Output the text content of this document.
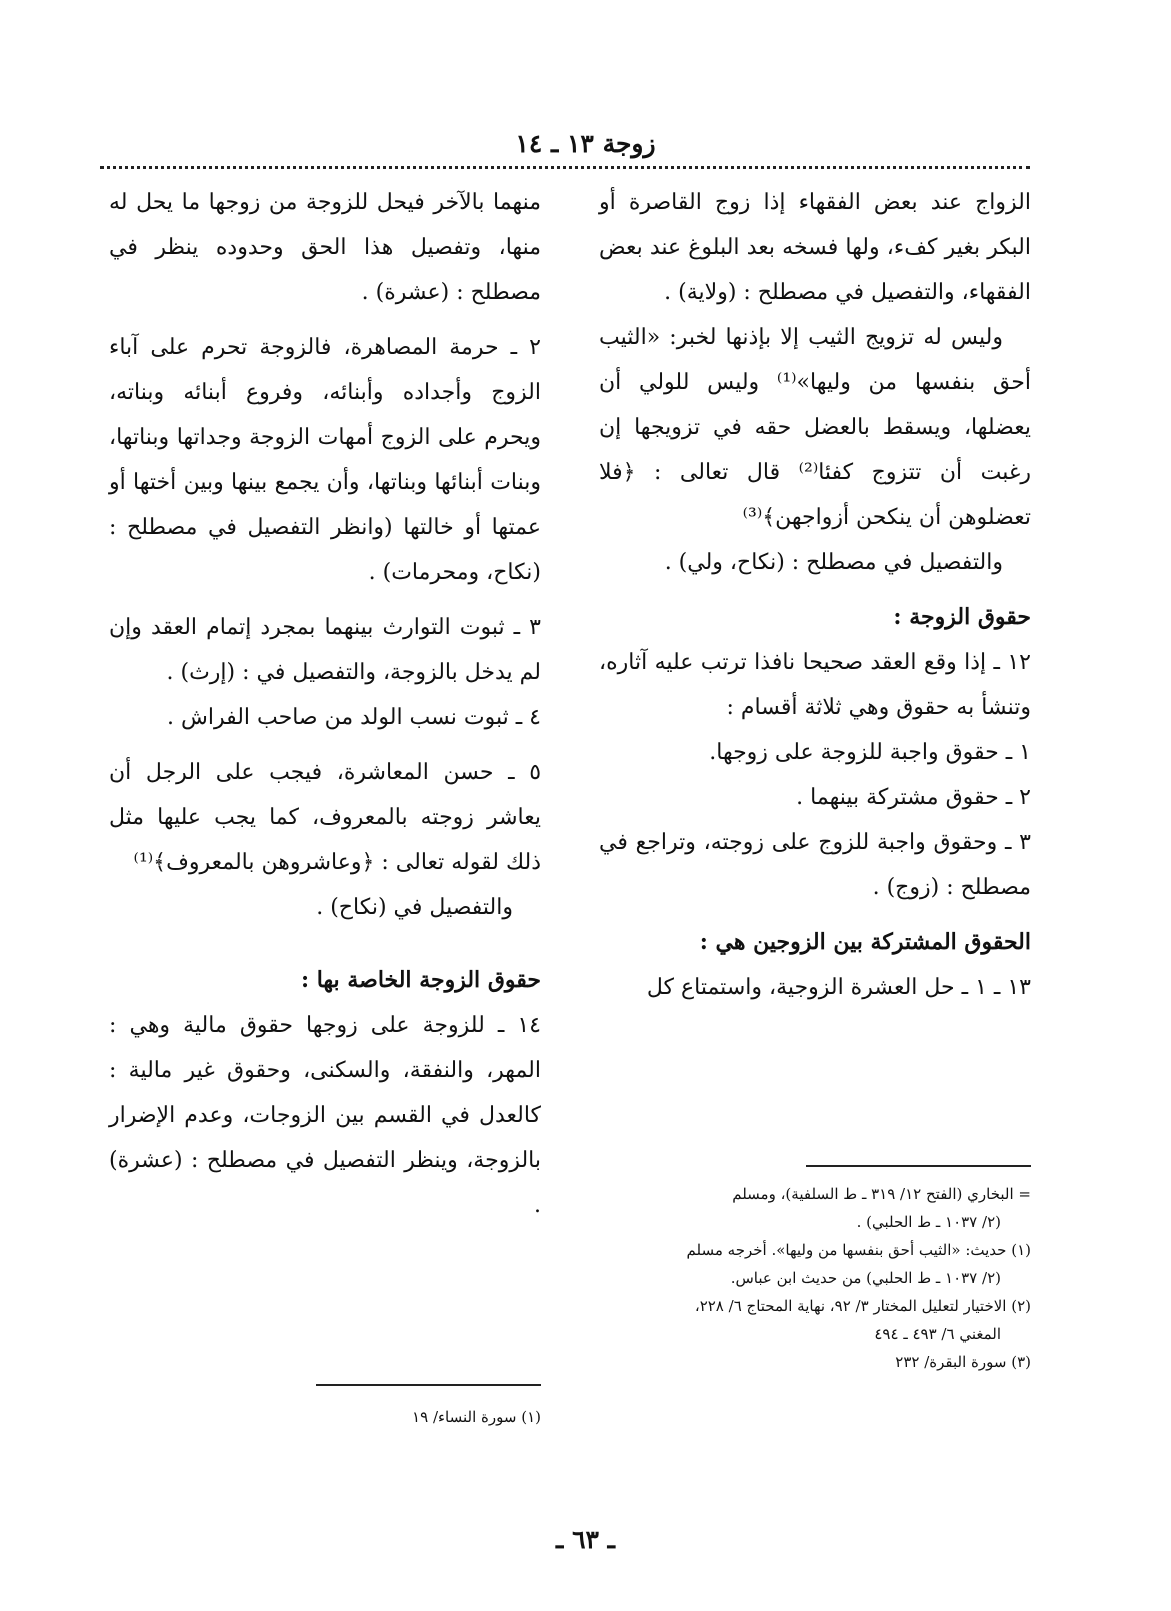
زوجة ١٣ ـ ١٤

الزواج عند بعض الفقهاء إذا زوج القاصرة أو البكر بغير كفء، ولها فسخه بعد البلوغ عند بعض الفقهاء، والتفصيل في مصطلح : (ولاية) .

وليس له تزويج الثيب إلا بإذنها لخبر: «الثيب أحق بنفسها من وليها»⁽¹⁾ وليس للولي أن يعضلها، ويسقط بالعضل حقه في تزويجها إن رغبت أن تتزوج كفئا⁽²⁾ قال تعالى : ﴿فلا تعضلوهن أن ينكحن أزواجهن﴾⁽³⁾

والتفصيل في مصطلح : (نكاح، ولي) .

حقوق الزوجة :

١٢ ـ إذا وقع العقد صحيحا نافذا ترتب عليه آثاره، وتنشأ به حقوق وهي ثلاثة أقسام :

١ ـ حقوق واجبة للزوجة على زوجها.

٢ ـ حقوق مشتركة بينهما .

٣ ـ وحقوق واجبة للزوج على زوجته، وتراجع في مصطلح : (زوج) .

الحقوق المشتركة بين الزوجين هي :

١٣ ـ ١ ـ حل العشرة الزوجية، واستمتاع كل

منهما بالآخر فيحل للزوجة من زوجها ما يحل له منها، وتفصيل هذا الحق وحدوده ينظر في مصطلح : (عشرة) .

٢ ـ حرمة المصاهرة، فالزوجة تحرم على آباء الزوج وأجداده وأبنائه، وفروع أبنائه وبناته، ويحرم على الزوج أمهات الزوجة وجداتها وبناتها، وبنات أبنائها وبناتها، وأن يجمع بينها وبين أختها أو عمتها أو خالتها (وانظر التفصيل في مصطلح : (نكاح، ومحرمات) .

٣ ـ ثبوت التوارث بينهما بمجرد إتمام العقد وإن لم يدخل بالزوجة، والتفصيل في : (إرث) .

٤ ـ ثبوت نسب الولد من صاحب الفراش .

٥ ـ حسن المعاشرة، فيجب على الرجل أن يعاشر زوجته بالمعروف، كما يجب عليها مثل ذلك لقوله تعالى : ﴿وعاشروهن بالمعروف﴾⁽¹⁾

والتفصيل في (نكاح) .

حقوق الزوجة الخاصة بها :

١٤ ـ للزوجة على زوجها حقوق مالية وهي : المهر، والنفقة، والسكنى، وحقوق غير مالية : كالعدل في القسم بين الزوجات، وعدم الإضرار بالزوجة، وينظر التفصيل في مصطلح : (عشرة) .	= البخاري (الفتح ١٢/ ٣١٩ ـ ط السلفية)، ومسلم

(٢/ ١٠٣٧ ـ ط الحلبي) .

(١) حديث: «الثيب أحق بنفسها من وليها». أخرجه مسلم

(٢/ ١٠٣٧ ـ ط الحلبي) من حديث ابن عباس.

(٢) الاختيار لتعليل المختار ٣/ ٩٢، نهاية المحتاج ٦/ ٢٢٨،

المغني ٦/ ٤٩٣ ـ ٤٩٤

(٣) سورة البقرة/ ٢٣٢

(١) سورة النساء/ ١٩

ـ ٦٣ ـ
